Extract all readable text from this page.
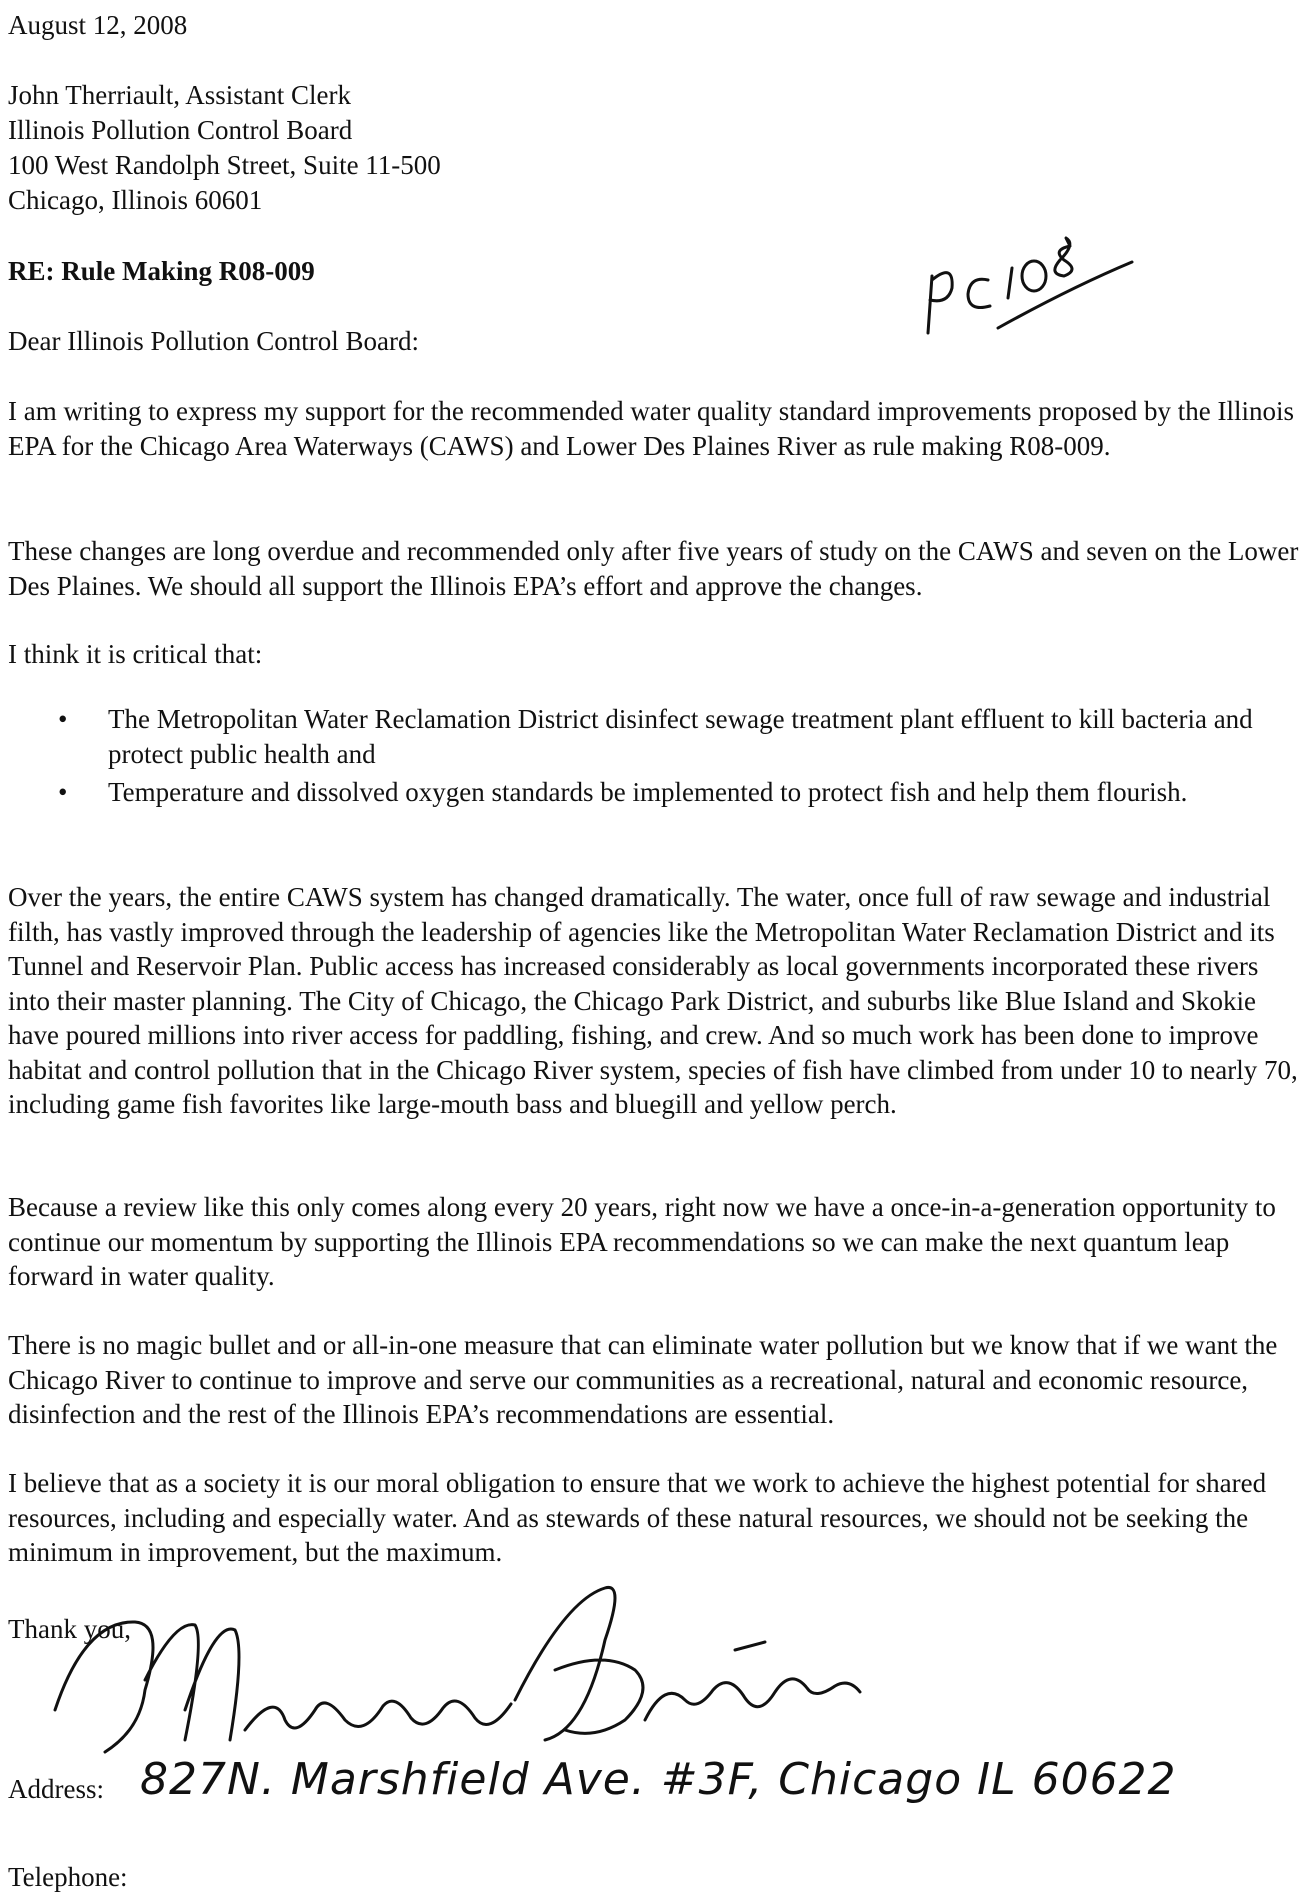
August 12, 2008
John Therriault, Assistant Clerk
Illinois Pollution Control Board
100 West Randolph Street, Suite 11-500
Chicago, Illinois 60601
RE: Rule Making R08-009
Dear Illinois Pollution Control Board:

I am writing to express my support for the recommended water quality standard improvements proposed by the Illinois EPA for the Chicago Area Waterways (CAWS) and Lower Des Plaines River as rule making R08-009.

These changes are long overdue and recommended only after five years of study on the CAWS and seven on the Lower Des Plaines. We should all support the Illinois EPA’s effort and approve the changes.

I think it is critical that:

• The Metropolitan Water Reclamation District disinfect sewage treatment plant effluent to kill bacteria and protect public health and
• Temperature and dissolved oxygen standards be implemented to protect fish and help them flourish.

Over the years, the entire CAWS system has changed dramatically. The water, once full of raw sewage and industrial filth, has vastly improved through the leadership of agencies like the Metropolitan Water Reclamation District and its Tunnel and Reservoir Plan. Public access has increased considerably as local governments incorporated these rivers into their master planning. The City of Chicago, the Chicago Park District, and suburbs like Blue Island and Skokie have poured millions into river access for paddling, fishing, and crew. And so much work has been done to improve habitat and control pollution that in the Chicago River system, species of fish have climbed from under 10 to nearly 70, including game fish favorites like large-mouth bass and bluegill and yellow perch.

Because a review like this only comes along every 20 years, right now we have a once-in-a-generation opportunity to continue our momentum by supporting the Illinois EPA recommendations so we can make the next quantum leap forward in water quality.

There is no magic bullet and or all-in-one measure that can eliminate water pollution but we know that if we want the Chicago River to continue to improve and serve our communities as a recreational, natural and economic resource, disinfection and the rest of the Illinois EPA’s recommendations are essential.

I believe that as a society it is our moral obligation to ensure that we work to achieve the highest potential for shared resources, including and especially water. And as stewards of these natural resources, we should not be seeking the minimum in improvement, but the maximum.

Thank you,
Address: 827N. Marshfield Ave. #3F, Chicago IL 60622
Telephone:
